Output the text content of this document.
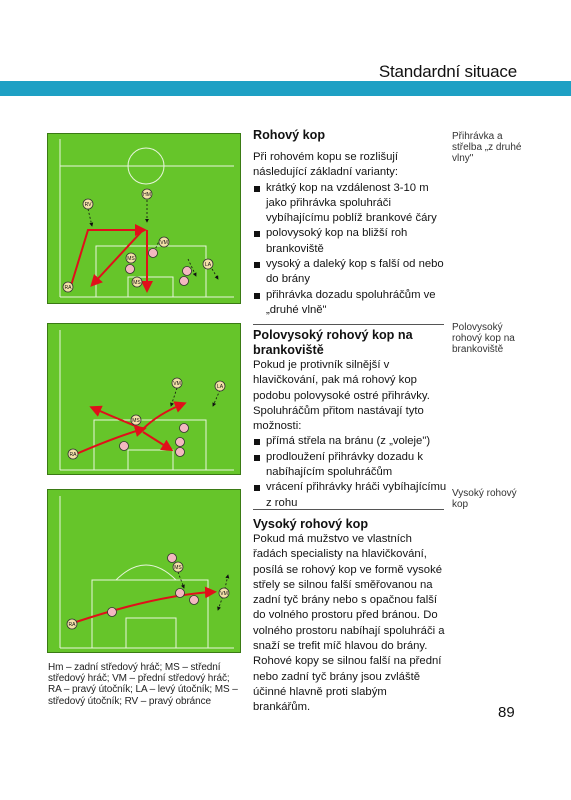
Standardní situace
RV
HM
MS
VM
MS
LA
RA
VM	LA
MS
RA
MS
VM
RA
Hm – zadní středový hráč; MS – střední středový hráč; VM – přední středový hráč; RA – pravý útočník; LA – levý útočník; MS – středový útočník; RV – pravý obránce
Rohový kop

Při rohovém kopu se rozlišují následující základní varianty:

krátký kop na vzdálenost 3-10 m jako přihrávka spoluhráči vybíhajícímu poblíž brankové čáry
polovysoký kop na bližší roh brankoviště
vysoký a daleký kop s falší od nebo do brány
přihrávka dozadu spoluhráčům ve „druhé vlně"
Polovysoký rohový kop na brankoviště

Pokud je protivník silnější v hlavičkování, pak má rohový kop podobu polovysoké ostré přihrávky. Spoluhráčům přitom nastávají tyto možnosti:

přímá střela na bránu (z „voleje")
prodloužení přihrávky dozadu k nabíhajícím spoluhráčům
vrácení přihrávky hráči vybíhajícímu z rohu
Vysoký rohový kop

Pokud má mužstvo ve vlastních řadách specialisty na hlavičkování, posílá se rohový kop ve formě vysoké střely se silnou falší směřovanou na zadní tyč brány nebo s opačnou falší do volného prostoru před bránou. Do volného prostoru nabíhají spoluhráči a snaží se trefit míč hlavou do brány. Rohové kopy se silnou falší na přední nebo zadní tyč brány jsou zvláště účinné hlavně proti slabým brankářům.

Přihrávka a střelba „z druhé vlny"
Polovysoký rohový kop na brankoviště
Vysoký rohový kop
89
